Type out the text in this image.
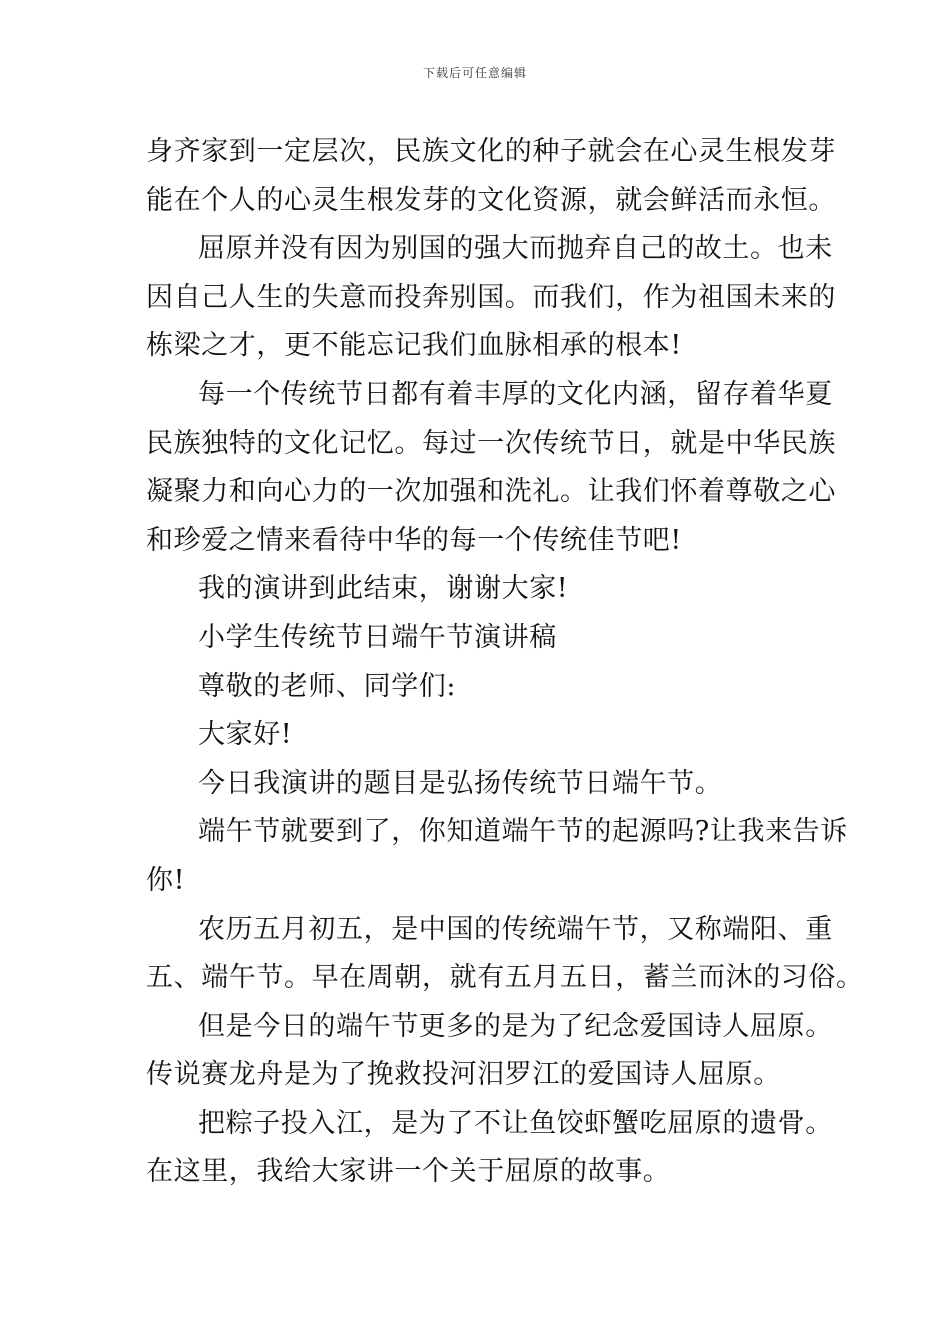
下载后可任意编辑
身齐家到一定层次，民族文化的种子就会在心灵生根发芽
能在个人的心灵生根发芽的文化资源，就会鲜活而永恒。
屈原并没有因为别国的强大而抛弃自己的故土。也未
因自己人生的失意而投奔别国。而我们，作为祖国未来的
栋梁之才，更不能忘记我们血脉相承的根本!
每一个传统节日都有着丰厚的文化内涵，留存着华夏
民族独特的文化记忆。每过一次传统节日，就是中华民族
凝聚力和向心力的一次加强和洗礼。让我们怀着尊敬之心
和珍爱之情来看待中华的每一个传统佳节吧!
我的演讲到此结束，谢谢大家!
小学生传统节日端午节演讲稿
尊敬的老师、同学们:
大家好!
今日我演讲的题目是弘扬传统节日端午节。
端午节就要到了，你知道端午节的起源吗?让我来告诉
你!
农历五月初五，是中国的传统端午节，又称端阳、重
五、端午节。早在周朝，就有五月五日，蓄兰而沐的习俗。
但是今日的端午节更多的是为了纪念爱国诗人屈原。
传说赛龙舟是为了挽救投河汨罗江的爱国诗人屈原。
把粽子投入江，是为了不让鱼饺虾蟹吃屈原的遗骨。
在这里，我给大家讲一个关于屈原的故事。
